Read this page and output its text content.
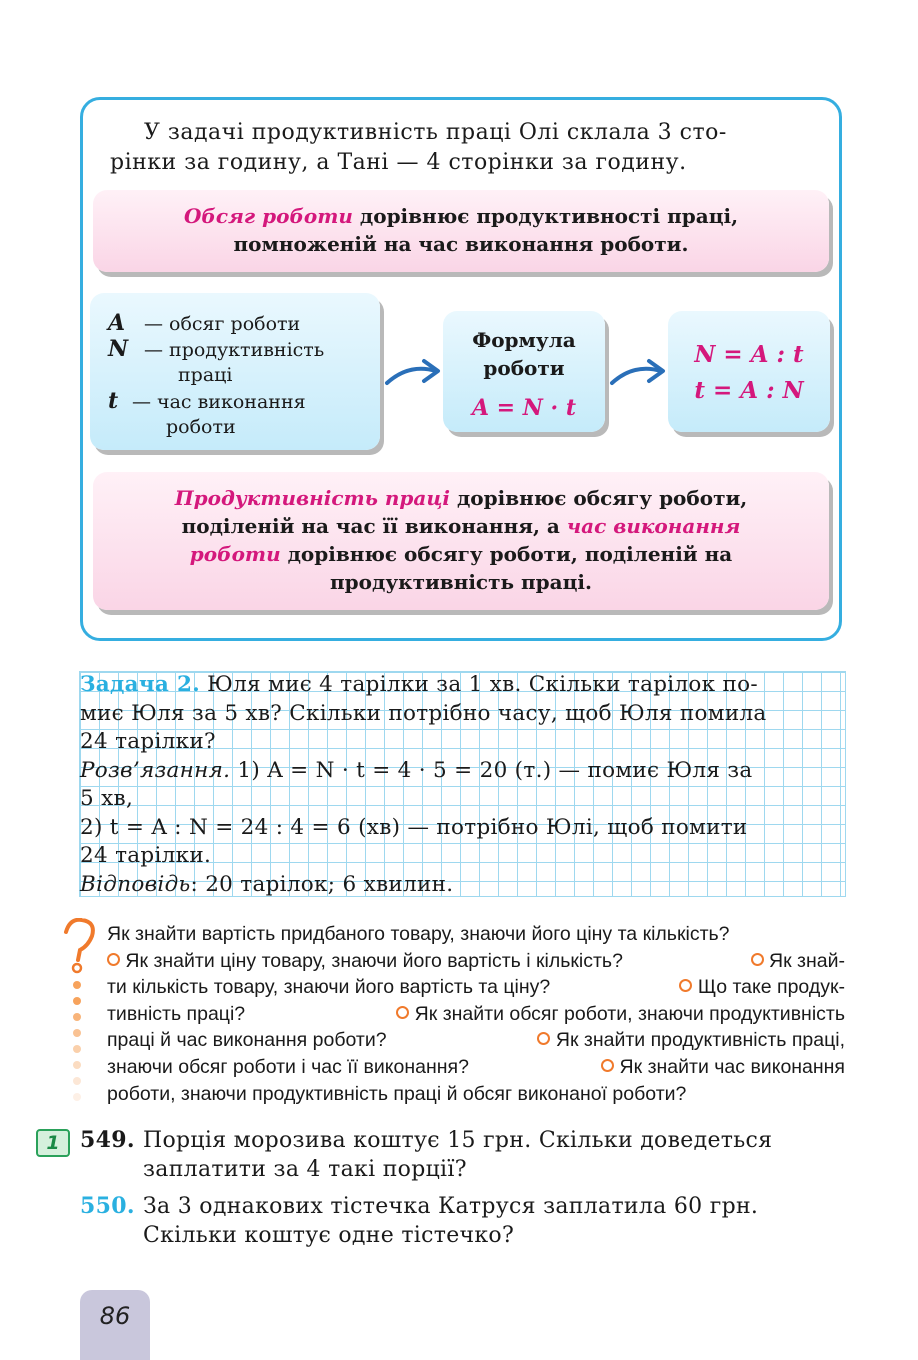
У задачі продуктивність праці Олі склала 3 сто-
рінки за годину, а Тані — 4 сторінки за годину.
Обсяг роботи дорівнює продуктивності праці,
помноженій на час виконання роботи.
A — обсяг роботи
N — продуктивність
праці
t — час виконання
роботи
Формула
роботи
A = N · t
N = A : t
t = A : N
Продуктивність праці дорівнює обсягу роботи,
поділеній на час її виконання, а час виконання
роботи дорівнює обсягу роботи, поділеній на
продуктивність праці.
Задача 2. Юля миє 4 тарілки за 1 хв. Скільки тарілок по-
миє Юля за 5 хв? Скільки потрібно часу, щоб Юля помила
24 тарілки?
Розв’язання. 1) A = N · t = 4 · 5 = 20 (т.) — помиє Юля за
5 хв,
2) t = A : N = 24 : 4 = 6 (хв) — потрібно Юлі, щоб помити
24 тарілки.
Відповідь: 20 тарілок; 6 хвилин.
Як знайти вартість придбаного товару, знаючи його ціну та кількість?
Як знайти ціну товару, знаючи його вартість і кількість?	Як знай-
ти кількість товару, знаючи його вартість та ціну?	Що таке продук-
тивність праці?	Як знайти обсяг роботи, знаючи продуктивність
праці й час виконання роботи?	Як знайти продуктивність праці,
знаючи обсяг роботи і час її виконання?	Як знайти час виконання
роботи, знаючи продуктивність праці й обсяг виконаної роботи?
1 549. Порція морозива коштує 15 грн. Скільки доведеться
заплатити за 4 такі порції?
550. За 3 однакових тістечка Катруся заплатила 60 грн.
Скільки коштує одне тістечко?
86
